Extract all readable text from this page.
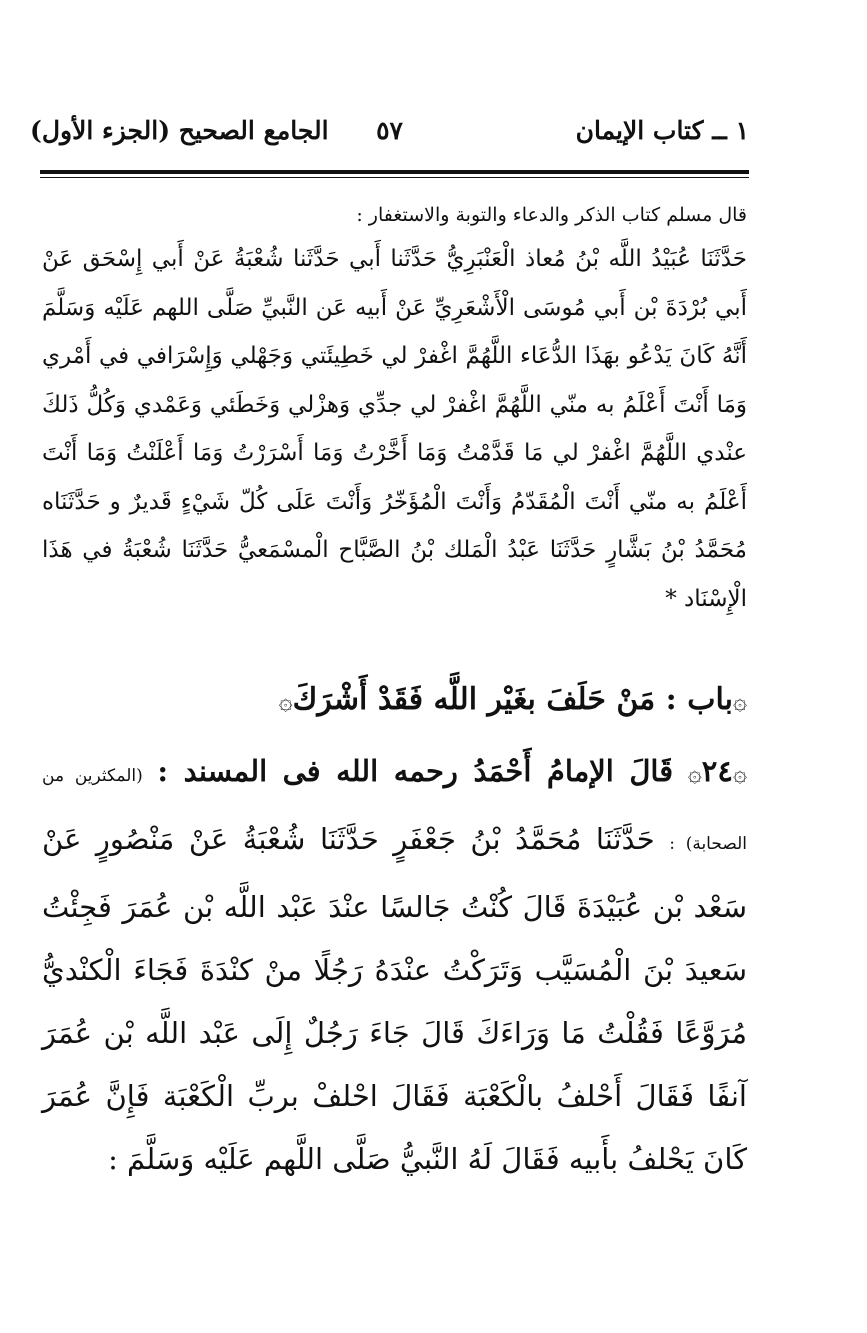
١ ــ كتاب الإيمان
٥٧
الجامع الصحيح (الجزء الأول)
قال مسلم كتاب الذكر والدعاء والتوبة والاستغفار :
حَدَّثَنَا عُبَيْدُ اللَّه بْنُ مُعاذ الْعَنْبَرِيُّ حَدَّثَنا أَبي حَدَّثَنا شُعْبَةُ عَنْ أَبي إِسْحَق عَنْ أَبي بُرْدَةَ بْن أَبي مُوسَى الْأَشْعَرِيِّ عَنْ أَبيه عَن النَّبيِّ صَلَّى اللهم عَلَيْه وَسَلَّمَ أَنَّهُ كَانَ يَدْعُو بهَذَا الدُّعَاء اللَّهُمَّ اغْفرْ لي خَطِيئَتي وَجَهْلي وَإِسْرَافي في أَمْري وَمَا أَنْتَ أَعْلَمُ به منّي اللَّهُمَّ اغْفرْ لي جدِّي وَهزْلي وَخَطَئي وَعَمْدي وَكُلُّ ذَلكَ عنْدي اللَّهُمَّ اغْفرْ لي مَا قَدَّمْتُ وَمَا أَخَّرْتُ وَمَا أَسْرَرْتُ وَمَا أَعْلَنْتُ وَمَا أَنْتَ أَعْلَمُ به منّي أَنْتَ الْمُقَدّمُ وَأَنْتَ الْمُؤَخّرُ وَأَنْتَ عَلَى كُلّ شَيْءٍ قَديرٌ و حَدَّثَنَاه مُحَمَّدُ بْنُ بَشَّارٍ حَدَّثَنَا عَبْدُ الْمَلك بْنُ الصَّبَّاح الْمسْمَعيُّ حَدَّثَنَا شُعْبَةُ في هَذَا الْإِسْنَاد *
۞باب : مَنْ حَلَفَ بغَيْر اللَّه فَقَدْ أَشْرَكَ۞
۞٢٤۞ قَالَ الإمامُ أَحْمَدُ رحمه الله فى المسند : (المكثرين من الصحابة) : حَدَّثَنَا مُحَمَّدُ بْنُ جَعْفَرٍ حَدَّثَنَا شُعْبَةُ عَنْ مَنْصُورٍ عَنْ سَعْد بْن عُبَيْدَةَ قَالَ كُنْتُ جَالسًا عنْدَ عَبْد اللَّه بْن عُمَرَ فَجِئْتُ سَعيدَ بْنَ الْمُسَيَّب وَتَرَكْتُ عنْدَهُ رَجُلًا منْ كنْدَةَ فَجَاءَ الْكنْديُّ مُرَوَّعًا فَقُلْتُ مَا وَرَاءَكَ قَالَ جَاءَ رَجُلٌ إِلَى عَبْد اللَّه بْن عُمَرَ آنفًا فَقَالَ أَحْلفُ بالْكَعْبَة فَقَالَ احْلفْ بربِّ الْكَعْبَة فَإِنَّ عُمَرَ كَانَ يَحْلفُ بأَبيه فَقَالَ لَهُ النَّبيُّ صَلَّى اللَّهم عَلَيْه وَسَلَّمَ :
